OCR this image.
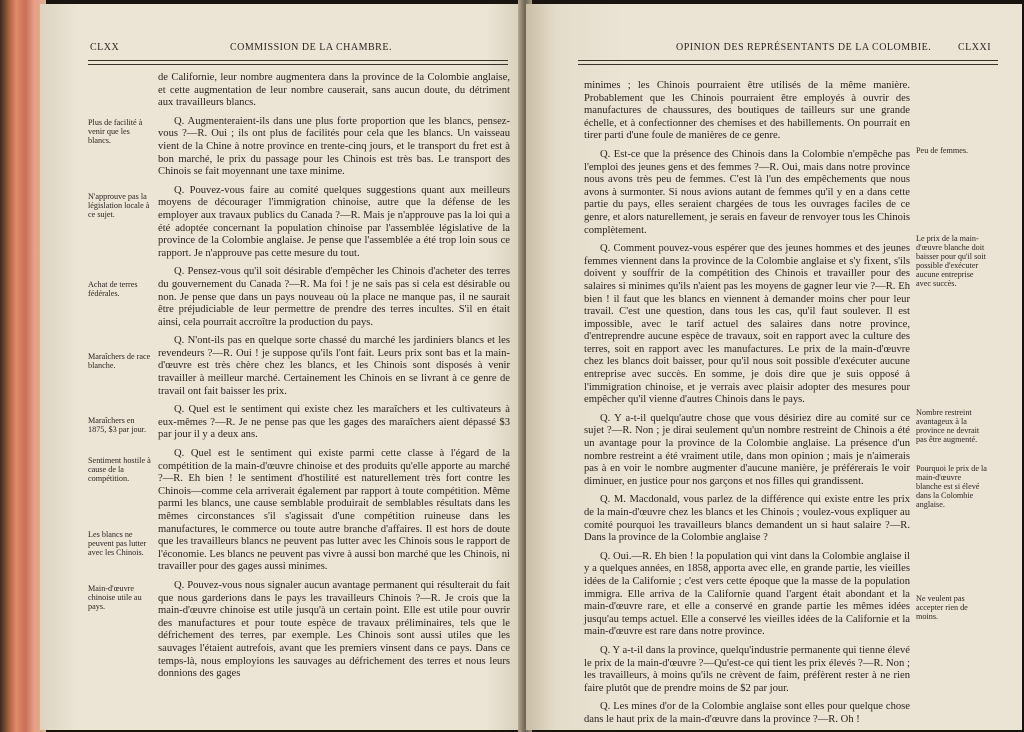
CLXX	COMMISSION DE LA CHAMBRE.

de Californie, leur nombre augmentera dans la province de la Colombie anglaise, et cette augmentation de leur nombre causerait, sans aucun doute, du détriment aux travailleurs blancs.

Q. Augmenteraient-ils dans une plus forte proportion que les blancs, pensez-vous ?—R. Oui ; ils ont plus de facilités pour cela que les blancs. Un vaisseau vient de la Chine à notre province en trente-cinq jours, et le transport du fret est à bon marché, le prix du passage pour les Chinois est très bas. Le transport des Chinois se fait moyennant une taxe minime.

Q. Pouvez-vous faire au comité quelques suggestions quant aux meilleurs moyens de décourager l'immigration chinoise, autre que la défense de les employer aux travaux publics du Canada ?—R. Mais je n'approuve pas la loi qui a été adoptée concernant la population chinoise par l'assemblée législative de la province de la Colombie anglaise. Je pense que l'assemblée a été trop loin sous ce rapport. Je n'approuve pas cette mesure du tout.

Q. Pensez-vous qu'il soit désirable d'empêcher les Chinois d'acheter des terres du gouvernement du Canada ?—R. Ma foi ! je ne sais pas si cela est désirable ou non. Je pense que dans un pays nouveau où la place ne manque pas, il ne saurait être préjudiciable de leur permettre de prendre des terres incultes. S'il en était ainsi, cela pourrait accroître la production du pays.

Q. N'ont-ils pas en quelque sorte chassé du marché les jardiniers blancs et les revendeurs ?—R. Oui ! je suppose qu'ils l'ont fait. Leurs prix sont bas et la main-d'œuvre est très chère chez les blancs, et les Chinois sont disposés à venir travailler à meilleur marché. Certainement les Chinois en se livrant à ce genre de travail ont fait baisser les prix.

Q. Quel est le sentiment qui existe chez les maraîchers et les cultivateurs à eux-mêmes ?—R. Je ne pense pas que les gages des maraîchers aient dépassé $3 par jour il y a deux ans.

Q. Quel est le sentiment qui existe parmi cette classe à l'égard de la compétition de la main-d'œuvre chinoise et des produits qu'elle apporte au marché ?—R. Eh bien ! le sentiment d'hostilité est naturellement très fort contre les Chinois—comme cela arriverait également par rapport à toute compétition. Même parmi les blancs, une cause semblable produirait de semblables résultats dans les mêmes circonstances s'il s'agissait d'une compétition ruineuse dans les manufactures, le commerce ou toute autre branche d'affaires. Il est hors de doute que les travailleurs blancs ne peuvent pas lutter avec les Chinois sous le rapport de l'économie. Les blancs ne peuvent pas vivre à aussi bon marché que les Chinois, ni travailler pour des gages aussi minimes.

Q. Pouvez-vous nous signaler aucun avantage permanent qui résulterait du fait que nous garderions dans le pays les travailleurs Chinois ?—R. Je crois que la main-d'œuvre chinoise est utile jusqu'à un certain point. Elle est utile pour ouvrir des manufactures et pour toute espèce de travaux préliminaires, tels que le défrichement des terres, par exemple. Les Chinois sont aussi utiles que les sauvages l'étaient autrefois, avant que les premiers vinsent dans ce pays. Dans ce temps-là, nous employions les sauvages au défrichement des terres et nous leurs donnions des gages

Plus de facilité à venir que les blancs.
N'approuve pas la législation locale à ce sujet.
Achat de terres fédérales.
Maraîchers de race blanche.
Maraîchers en 1875, $3 par jour.
Sentiment hostile à cause de la compétition.
Les blancs ne peuvent pas lutter avec les Chinois.
Main-d'œuvre chinoise utile au pays.
OPINION DES REPRÉSENTANTS DE LA COLOMBIE.	CLXXI

minimes ; les Chinois pourraient être utilisés de la même manière. Probablement que les Chinois pourraient être employés à ouvrir des manufactures de chaussures, des boutiques de tailleurs sur une grande échelle, et à confectionner des chemises et des habillements. On pourrait en tirer parti d'une foule de manières de ce genre.

Q. Est-ce que la présence des Chinois dans la Colombie n'empêche pas l'emploi des jeunes gens et des femmes ?—R. Oui, mais dans notre province nous avons très peu de femmes. C'est là l'un des empêchements que nous avons à surmonter. Si nous avions autant de femmes qu'il y en a dans cette partie du pays, elles seraient chargées de tous les ouvrages faciles de ce genre, et alors naturellement, je serais en faveur de renvoyer tous les Chinois complètement.

Q. Comment pouvez-vous espérer que des jeunes hommes et des jeunes femmes viennent dans la province de la Colombie anglaise et s'y fixent, s'ils doivent y souffrir de la compétition des Chinois et travailler pour des salaires si minimes qu'ils n'aient pas les moyens de gagner leur vie ?—R. Eh bien ! il faut que les blancs en viennent à demander moins cher pour leur travail. C'est une question, dans tous les cas, qu'il faut soulever. Il est impossible, avec le tarif actuel des salaires dans notre province, d'entreprendre aucune espèce de travaux, soit en rapport avec la culture des terres, soit en rapport avec les manufactures. Le prix de la main-d'œuvre chez les blancs doit baisser, pour qu'il nous soit possible d'exécuter aucune entreprise avec succès. En somme, je dois dire que je suis opposé à l'immigration chinoise, et je verrais avec plaisir adopter des mesures pour empêcher qu'il vienne d'autres Chinois dans le pays.

Q. Y a-t-il quelqu'autre chose que vous désiriez dire au comité sur ce sujet ?—R. Non ; je dirai seulement qu'un nombre restreint de Chinois a été un avantage pour la province de la Colombie anglaise. La présence d'un nombre restreint a été vraiment utile, dans mon opinion ; mais je n'aimerais pas à en voir le nombre augmenter d'aucune manière, je préférerais le voir diminuer, en justice pour nos garçons et nos filles qui grandissent.

Q. M. Macdonald, vous parlez de la différence qui existe entre les prix de la main-d'œuvre chez les blancs et les Chinois ; voulez-vous expliquer au comité pourquoi les travailleurs blancs demandent un si haut salaire ?—R. Dans la province de la Colombie anglaise ?

Q. Oui.—R. Eh bien ! la population qui vint dans la Colombie anglaise il y a quelques années, en 1858, apporta avec elle, en grande partie, les vieilles idées de la Californie ; c'est vers cette époque que la masse de la population immigra. Elle arriva de la Californie quand l'argent était abondant et la main-d'œuvre rare, et elle a conservé en grande partie les mêmes idées jusqu'au temps actuel. Elle a conservé les vieilles idées de la Californie et la main-d'œuvre est rare dans notre province.

Q. Y a-t-il dans la province, quelqu'industrie permanente qui tienne élevé le prix de la main-d'œuvre ?—Qu'est-ce qui tient les prix élevés ?—R. Non ; les travailleurs, à moins qu'ils ne crèvent de faim, préfèrent rester à ne rien faire plutôt que de prendre moins de $2 par jour.

Q. Les mines d'or de la Colombie anglaise sont elles pour quelque chose dans le haut prix de la main-d'œuvre dans la province ?—R. Oh !

Peu de femmes.
Le prix de la main-d'œuvre blanche doit baisser pour qu'il soit possible d'exécuter aucune entreprise avec succès.
Nombre restreint avantageux à la province ne devrait pas être augmenté.
Pourquoi le prix de la main-d'œuvre blanche est si élevé dans la Colombie anglaise.
Ne veulent pas accepter rien de moins.
